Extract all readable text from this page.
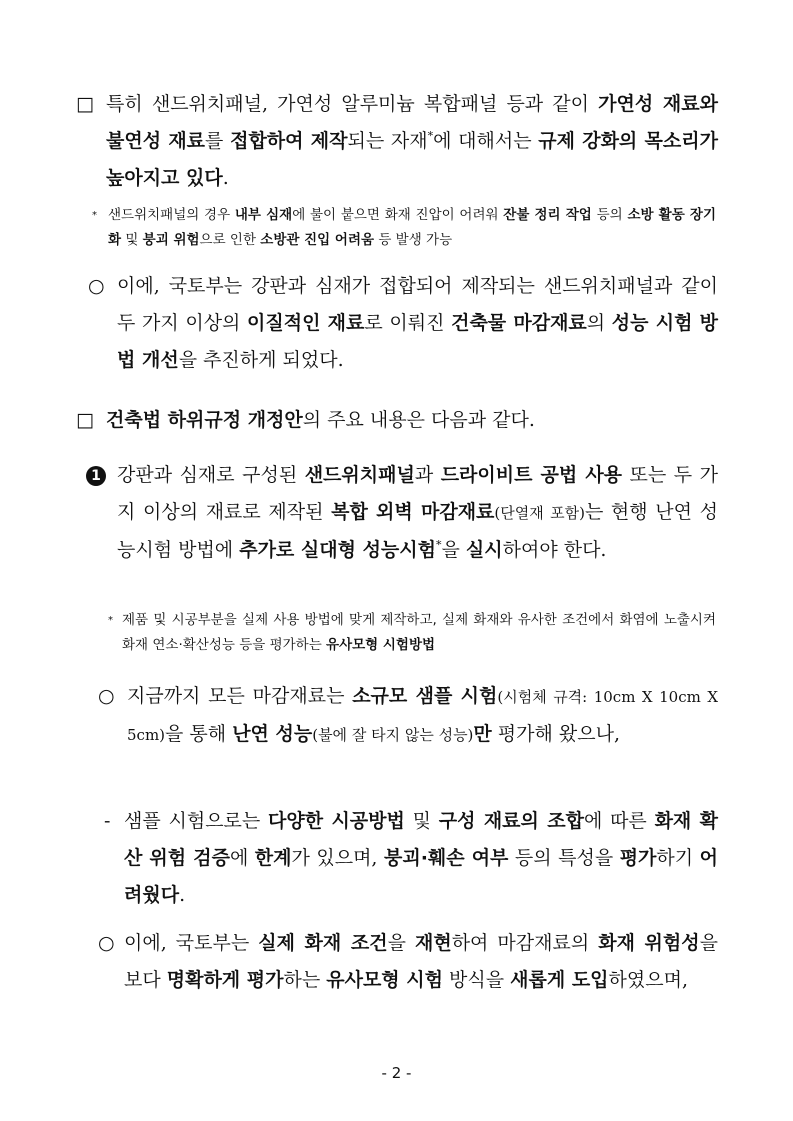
□ 특히 샌드위치패널, 가연성 알루미늄 복합패널 등과 같이 가연성 재료와 불연성 재료를 접합하여 제작되는 자재*에 대해서는 규제 강화의 목소리가 높아지고 있다.
* 샌드위치패널의 경우 내부 심재에 불이 붙으면 화재 진압이 어려워 잔불 정리 작업 등의 소방 활동 장기화 및 붕괴 위험으로 인한 소방관 진입 어려움 등 발생 가능
○ 이에, 국토부는 강판과 심재가 접합되어 제작되는 샌드위치패널과 같이 두 가지 이상의 이질적인 재료로 이뤄진 건축물 마감재료의 성능 시험 방법 개선을 추진하게 되었다.
□ 건축법 하위규정 개정안의 주요 내용은 다음과 같다.
1 강판과 심재로 구성된 샌드위치패널과 드라이비트 공법 사용 또는 두 가지 이상의 재료로 제작된 복합 외벽 마감재료(단열재 포함)는 현행 난연 성능시험 방법에 추가로 실대형 성능시험*을 실시하여야 한다.
* 제품 및 시공부분을 실제 사용 방법에 맞게 제작하고, 실제 화재와 유사한 조건에서 화염에 노출시켜 화재 연소·확산성능 등을 평가하는 유사모형 시험방법
○ 지금까지 모든 마감재료는 소규모 샘플 시험(시험체 규격: 10cm X 10cm X 5cm)을 통해 난연 성능(불에 잘 타지 않는 성능)만 평가해 왔으나,
- 샘플 시험으로는 다양한 시공방법 및 구성 재료의 조합에 따른 화재 확산 위험 검증에 한계가 있으며, 붕괴·훼손 여부 등의 특성을 평가하기 어려웠다.
○ 이에, 국토부는 실제 화재 조건을 재현하여 마감재료의 화재 위험성을 보다 명확하게 평가하는 유사모형 시험 방식을 새롭게 도입하였으며,
- 2 -
